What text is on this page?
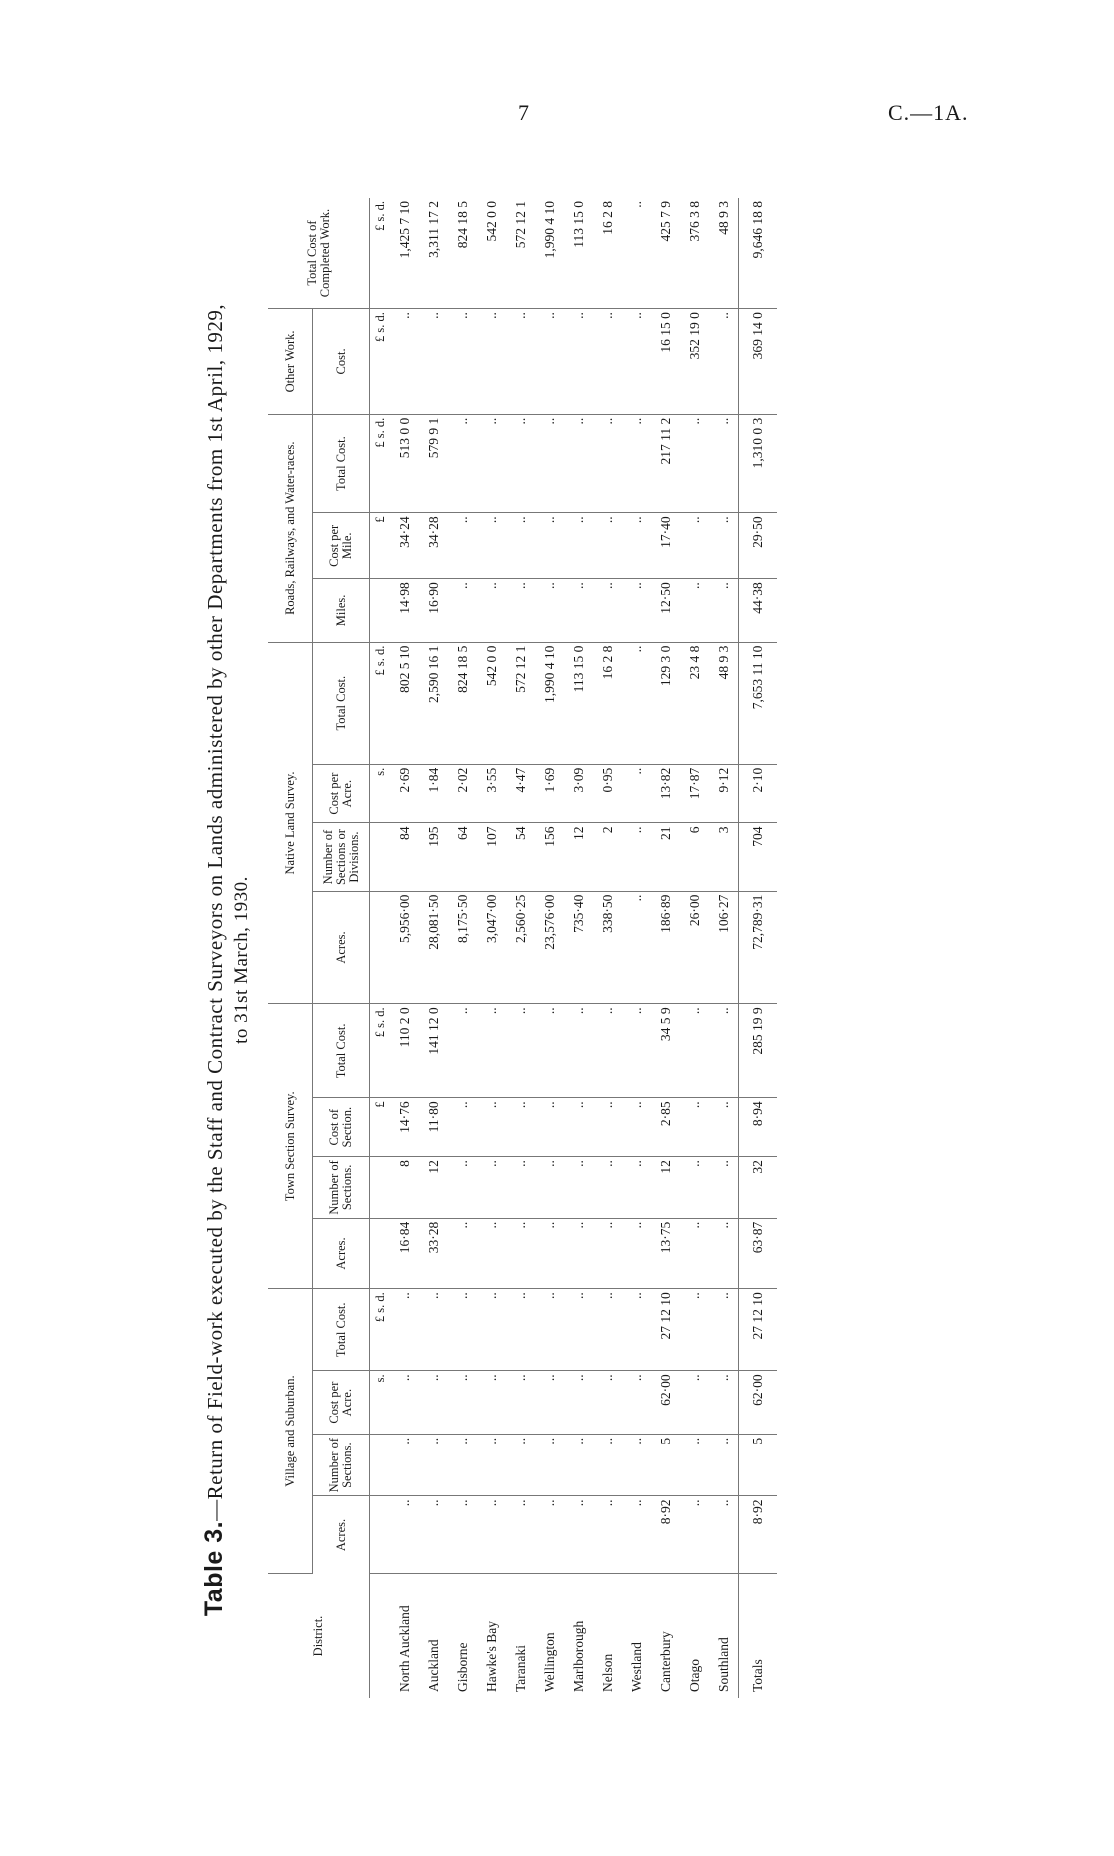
7	C.—1A.
Table 3.—Return of Field-work executed by the Staff and Contract Surveyors on Lands administered by other Departments from 1st April, 1929, to 31st March, 1930.
District.	Village and Suburban.				Town Section Survey.				Native Land Survey.				Roads, Railways, and Water-races.			Other Work.	Total Cost of Completed Work.
	Acres.	Number of Sections.	Cost per Acre.	Total Cost.	Acres.	Number of Sections.	Cost of Section.	Total Cost.	Acres.	Number of Sections or Divisions.	Cost per Acre.	Total Cost.	Miles.	Cost per Mile.	Total Cost.	Cost.	
			s.	£ s. d.			£	£ s. d.			s.	£ s. d.		£	£ s. d.	£ s. d.	£ s. d.
North Auckland	..	..	..	..	16·84	8	14·76	110 2 0	5,956·00	84	2·69	802 5 10	14·98	34·24	513 0 0	..	1,425 7 10
Auckland	..	..	..	..	33·28	12	11·80	141 12 0	28,081·50	195	1·84	2,590 16 1	16·90	34·28	579 9 1	..	3,311 17 2
Gisborne	..	..	..	..	..	..	..	..	8,175·50	64	2·02	824 18 5	..	..	..	..	824 18 5
Hawke's Bay	..	..	..	..	..	..	..	..	3,047·00	107	3·55	542 0 0	..	..	..	..	542 0 0
Taranaki	..	..	..	..	..	..	..	..	2,560·25	54	4·47	572 12 1	..	..	..	..	572 12 1
Wellington	..	..	..	..	..	..	..	..	23,576·00	156	1·69	1,990 4 10	..	..	..	..	1,990 4 10
Marlborough	..	..	..	..	..	..	..	..	735·40	12	3·09	113 15 0	..	..	..	..	113 15 0
Nelson	..	..	..	..	..	..	..	..	338·50	2	0·95	16 2 8	..	..	..	..	16 2 8
Westland	..	..	..	..	..	..	..	..	..	..	..	..	..	..	..	..	..
Canterbury	8·92	5	62·00	27 12 10	13·75	12	2·85	34 5 9	186·89	21	13·82	129 3 0	12·50	17·40	217 11 2	16 15 0	425 7 9
Otago	..	..	..	..	..	..	..	..	26·00	6	17·87	23 4 8	..	..	..	352 19 0	376 3 8
Southland	..	..	..	..	..	..	..	..	106·27	3	9·12	48 9 3	..	..	..	..	48 9 3
Totals	8·92	5	62·00	27 12 10	63·87	32	8·94	285 19 9	72,789·31	704	2·10	7,653 11 10	44·38	29·50	1,310 0 3	369 14 0	9,646 18 8
